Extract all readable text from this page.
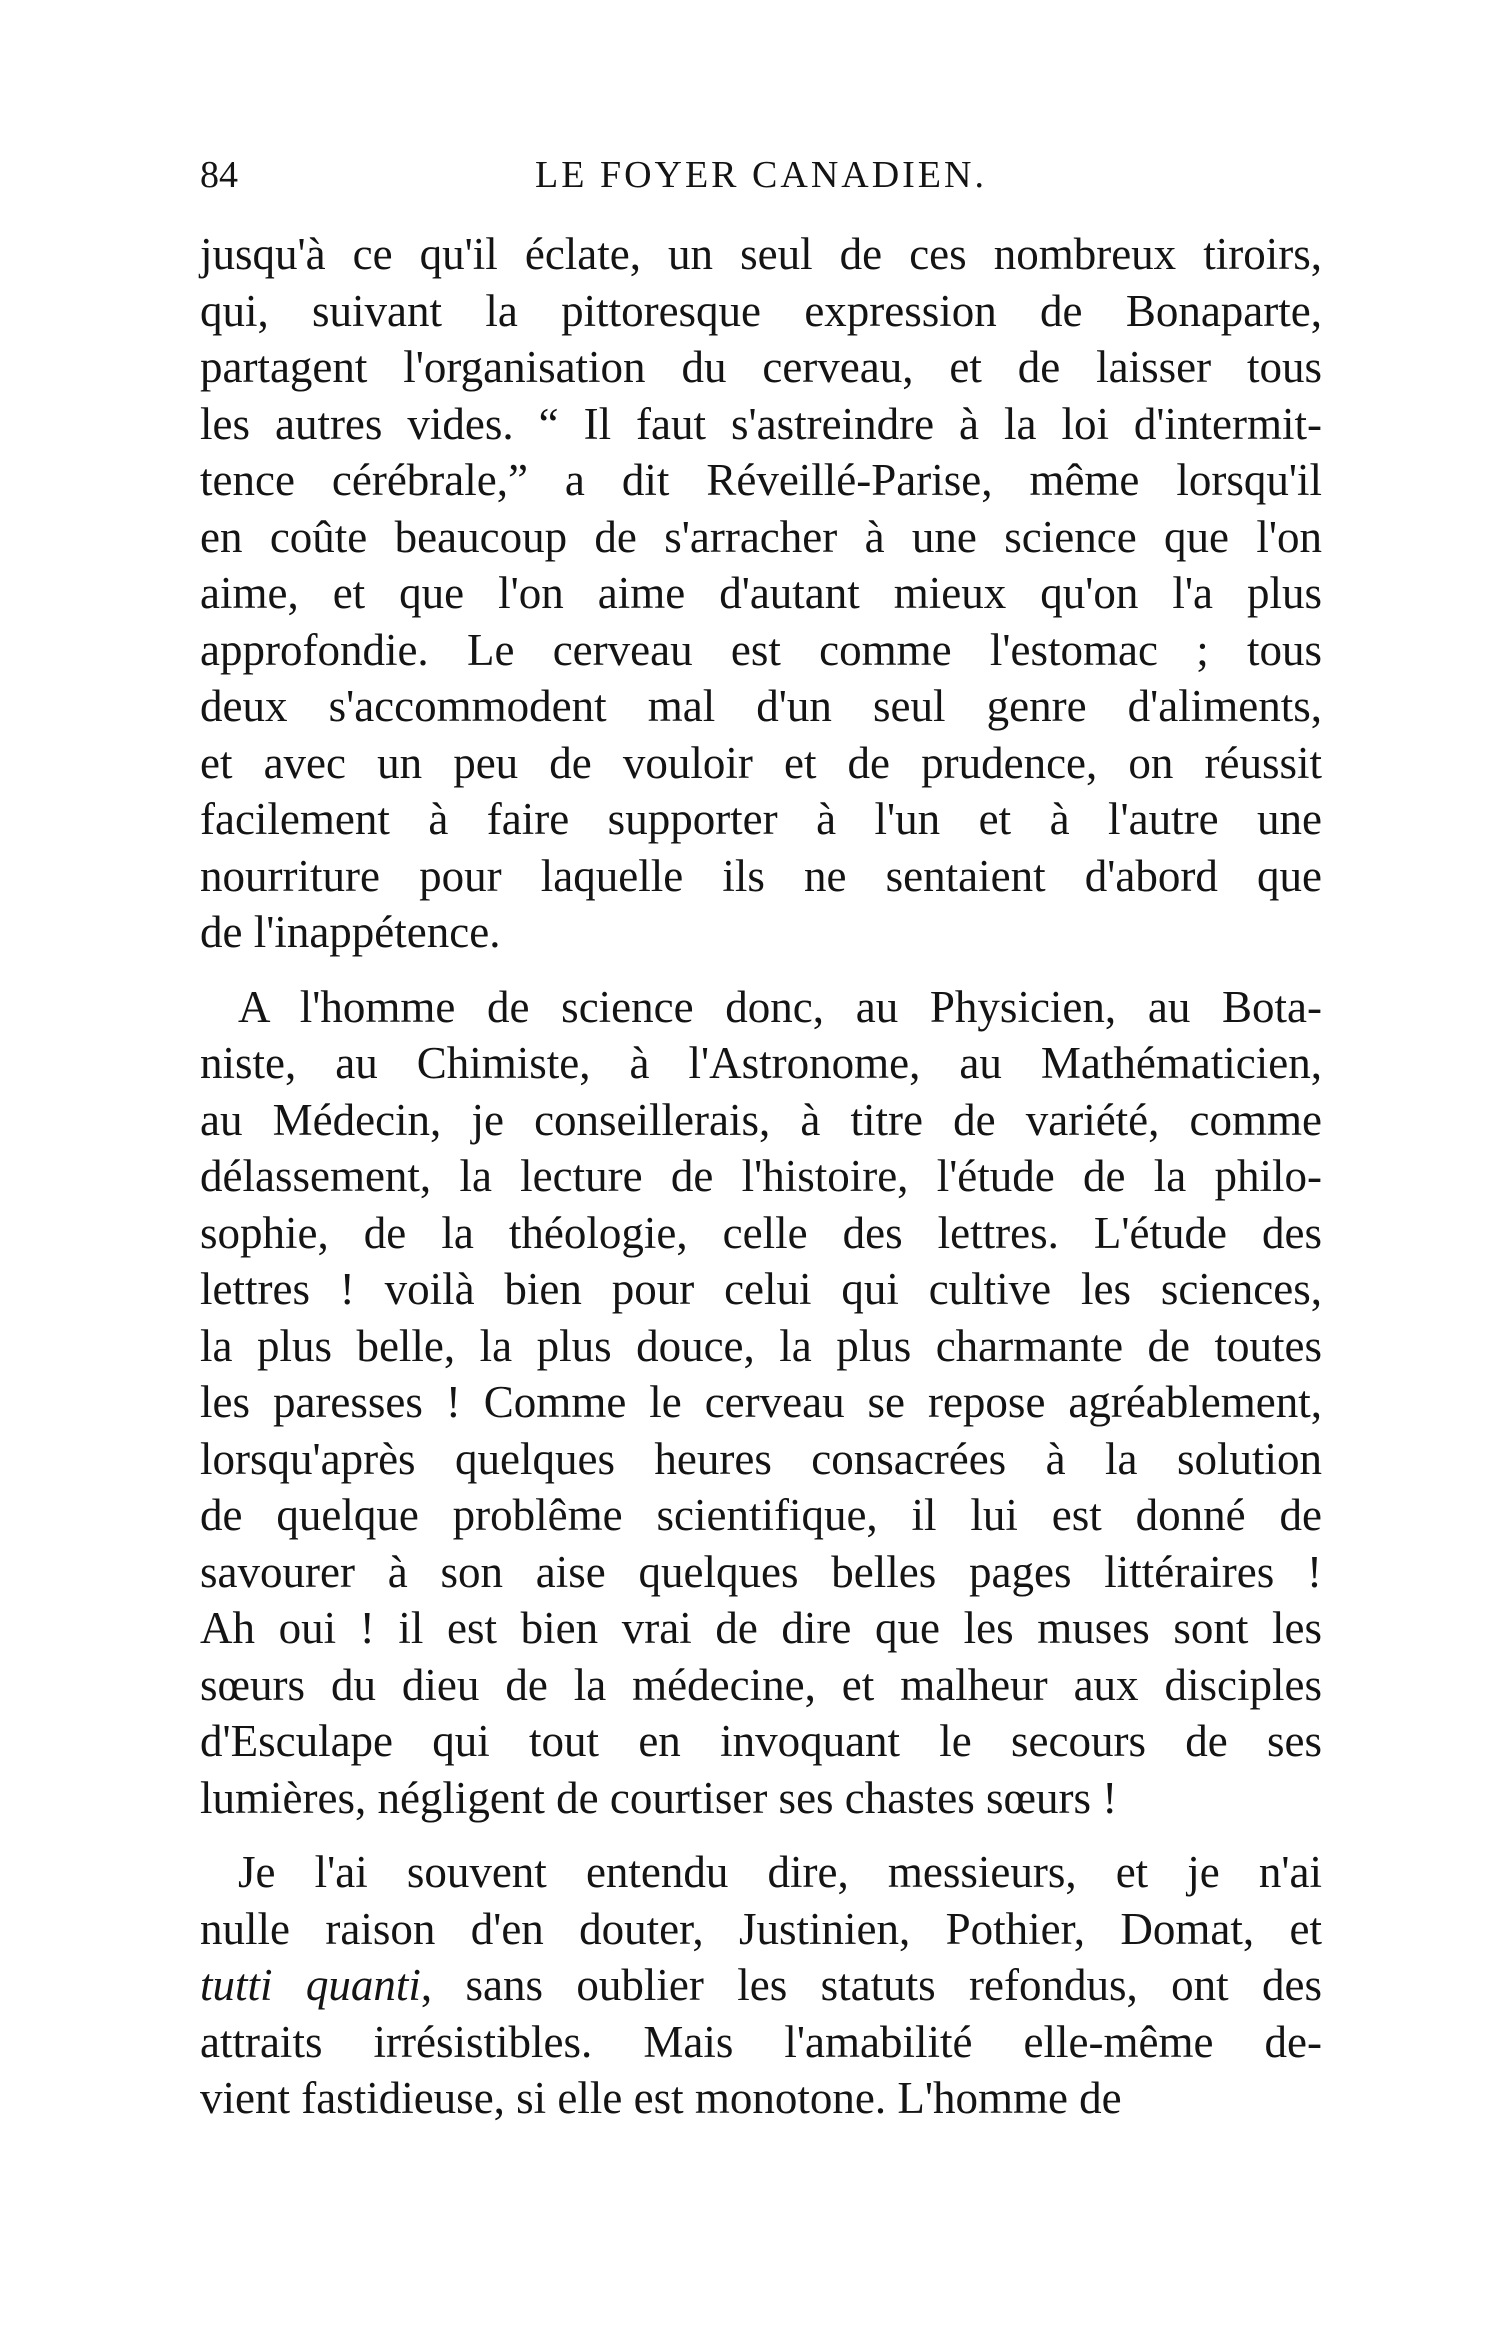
84	LE FOYER CANADIEN.
jusqu'à ce qu'il éclate, un seul de ces nombreux tiroirs,
qui, suivant la pittoresque expression de Bonaparte,
partagent l'organisation du cerveau, et de laisser tous
les autres vides. “ Il faut s'astreindre à la loi d'intermit-
tence cérébrale,” a dit Réveillé-Parise, même lorsqu'il
en coûte beaucoup de s'arracher à une science que l'on
aime, et que l'on aime d'autant mieux qu'on l'a plus
approfondie. Le cerveau est comme l'estomac ; tous
deux s'accommodent mal d'un seul genre d'aliments,
et avec un peu de vouloir et de prudence, on réussit
facilement à faire supporter à l'un et à l'autre une
nourriture pour laquelle ils ne sentaient d'abord que
de l'inappétence.
A l'homme de science donc, au Physicien, au Bota-
niste, au Chimiste, à l'Astronome, au Mathématicien,
au Médecin, je conseillerais, à titre de variété, comme
délassement, la lecture de l'histoire, l'étude de la philo-
sophie, de la théologie, celle des lettres. L'étude des
lettres ! voilà bien pour celui qui cultive les sciences,
la plus belle, la plus douce, la plus charmante de toutes
les paresses ! Comme le cerveau se repose agréablement,
lorsqu'après quelques heures consacrées à la solution
de quelque problême scientifique, il lui est donné de
savourer à son aise quelques belles pages littéraires !
Ah oui ! il est bien vrai de dire que les muses sont les
sœurs du dieu de la médecine, et malheur aux disciples
d'Esculape qui tout en invoquant le secours de ses
lumières, négligent de courtiser ses chastes sœurs !
Je l'ai souvent entendu dire, messieurs, et je n'ai
nulle raison d'en douter, Justinien, Pothier, Domat, et
tutti quanti, sans oublier les statuts refondus, ont des
attraits irrésistibles. Mais l'amabilité elle-même de-
vient fastidieuse, si elle est monotone. L'homme de
